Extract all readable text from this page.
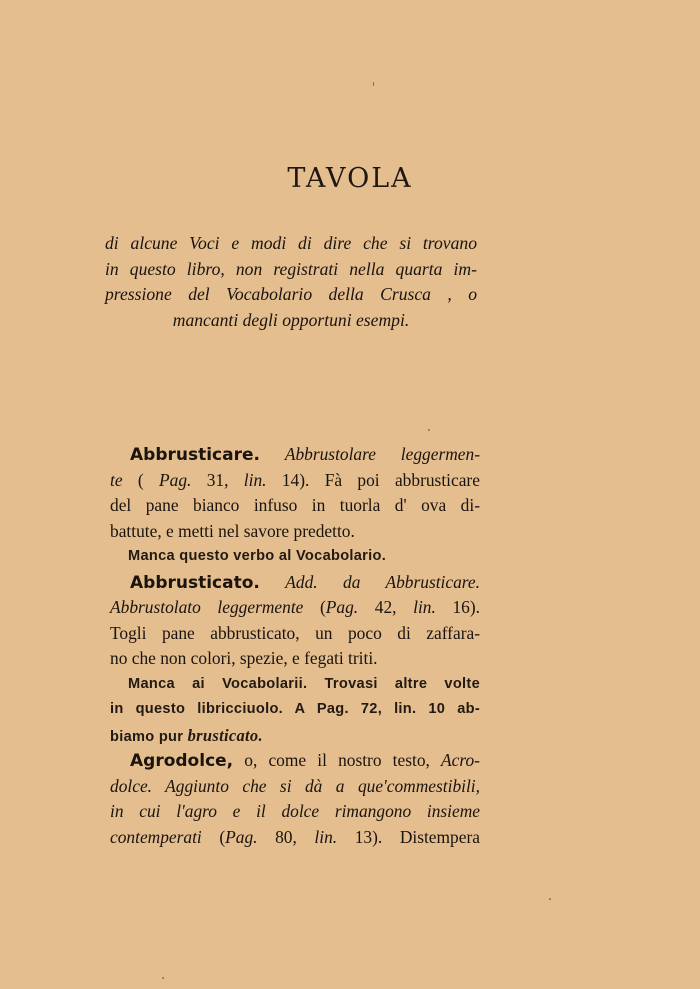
TAVOLA
di alcune Voci e modi di dire che si trovano
in questo libro, non registrati nella quarta im-
pressione del Vocabolario della Crusca , o
mancanti degli opportuni esempi.
Abbrusticare. Abbrustolare leggermen-
te ( Pag. 31, lin. 14). Fà poi abbrusticare
del pane bianco infuso in tuorla d' ova di-
battute, e metti nel savore predetto.
Manca questo verbo al Vocabolario.
Abbrusticato. Add. da Abbrusticare.
Abbrustolato leggermente (Pag. 42, lin. 16).
Togli pane abbrusticato, un poco di zaffara-
no che non colori, spezie, e fegati triti.
Manca ai Vocabolarii. Trovasi altre volte
in questo libricciuolo. A Pag. 72, lin. 10 ab-
biamo pur brusticato.
Agrodolce, o, come il nostro testo, Acro-
dolce. Aggiunto che si dà a que'commestibili,
in cui l'agro e il dolce rimangono insieme
contemperati (Pag. 80, lin. 13). Distempera
